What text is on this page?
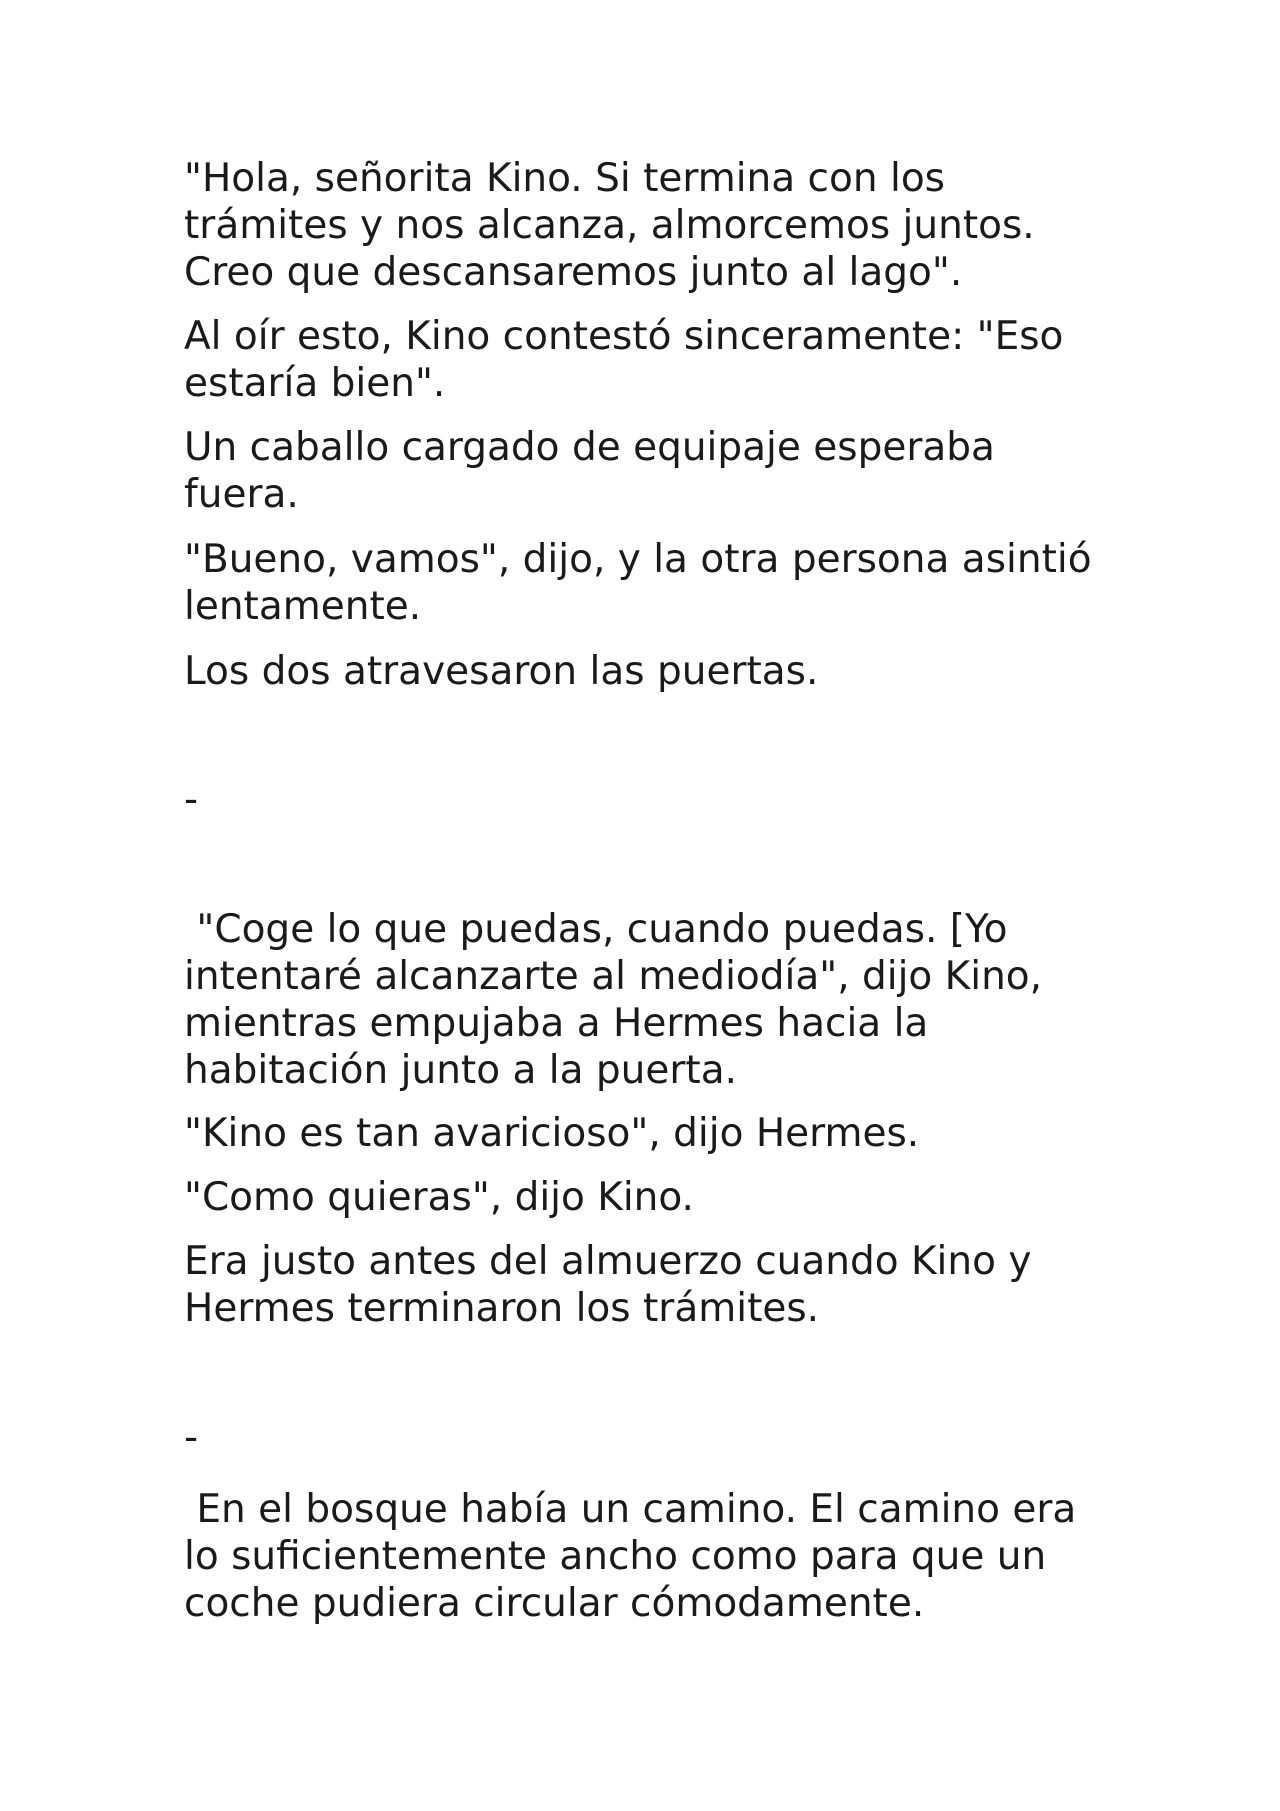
"Hola, señorita Kino. Si termina con los
trámites y nos alcanza, almorcemos juntos.
Creo que descansaremos junto al lago".
Al oír esto, Kino contestó sinceramente: "Eso
estaría bien".
Un caballo cargado de equipaje esperaba
fuera.
"Bueno, vamos", dijo, y la otra persona asintió
lentamente.
Los dos atravesaron las puertas.
-
"Coge lo que puedas, cuando puedas. [Yo
intentaré alcanzarte al mediodía", dijo Kino,
mientras empujaba a Hermes hacia la
habitación junto a la puerta.
"Kino es tan avaricioso", dijo Hermes.
"Como quieras", dijo Kino.
Era justo antes del almuerzo cuando Kino y
Hermes terminaron los trámites.
-
En el bosque había un camino. El camino era
lo suficientemente ancho como para que un
coche pudiera circular cómodamente.
